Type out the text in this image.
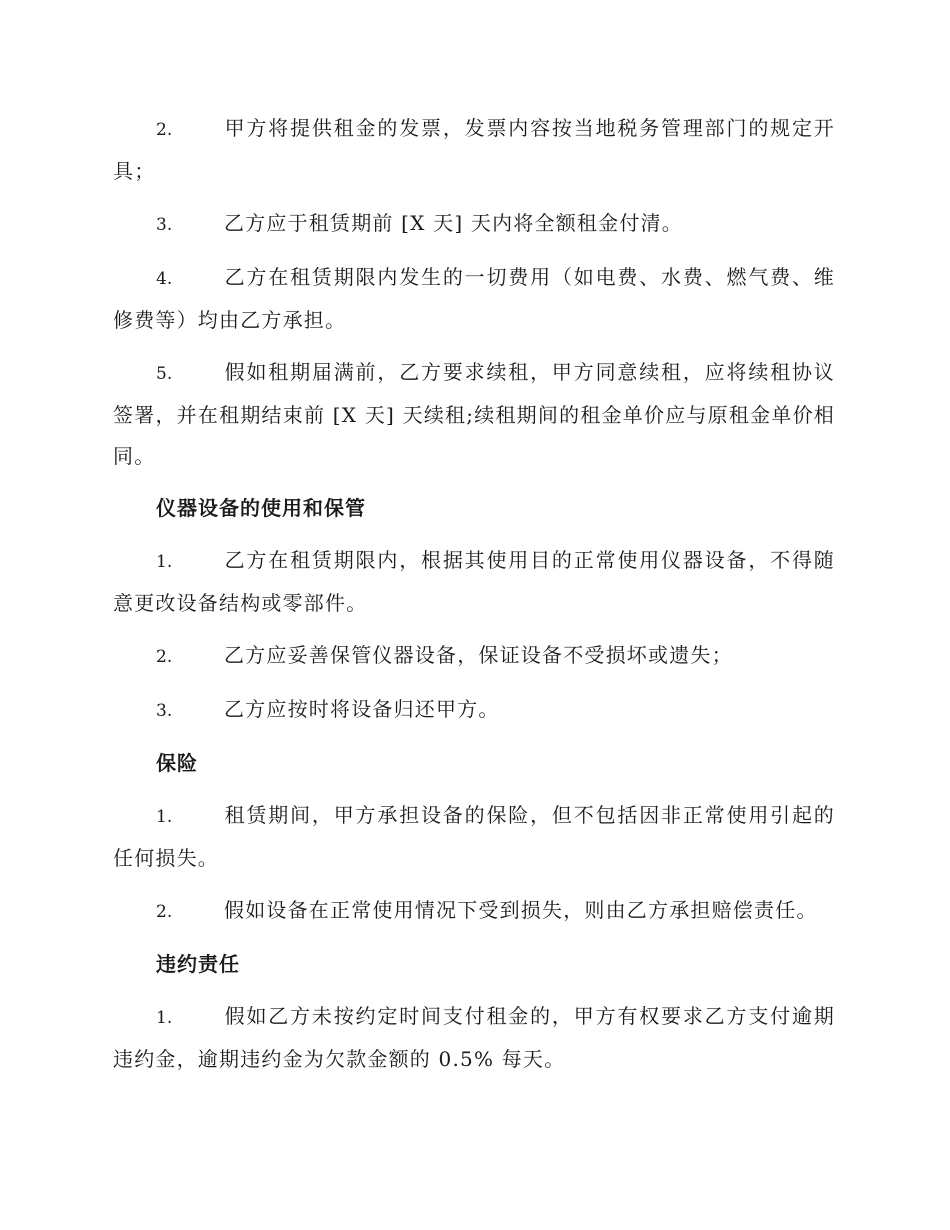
2.	甲方将提供租金的发票，发票内容按当地税务管理部门的规定开具；

3.	乙方应于租赁期前 [X 天] 天内将全额租金付清。

4.	乙方在租赁期限内发生的一切费用（如电费、水费、燃气费、维修费等）均由乙方承担。

5.	假如租期届满前，乙方要求续租，甲方同意续租，应将续租协议签署，并在租期结束前 [X 天] 天续租;续租期间的租金单价应与原租金单价相同。

仪器设备的使用和保管

1.	乙方在租赁期限内，根据其使用目的正常使用仪器设备，不得随意更改设备结构或零部件。

2.	乙方应妥善保管仪器设备，保证设备不受损坏或遗失；

3.	乙方应按时将设备归还甲方。

保险

1.	租赁期间，甲方承担设备的保险，但不包括因非正常使用引起的任何损失。

2.	假如设备在正常使用情况下受到损失，则由乙方承担赔偿责任。

违约责任

1.	假如乙方未按约定时间支付租金的，甲方有权要求乙方支付逾期违约金，逾期违约金为欠款金额的 0.5% 每天。
